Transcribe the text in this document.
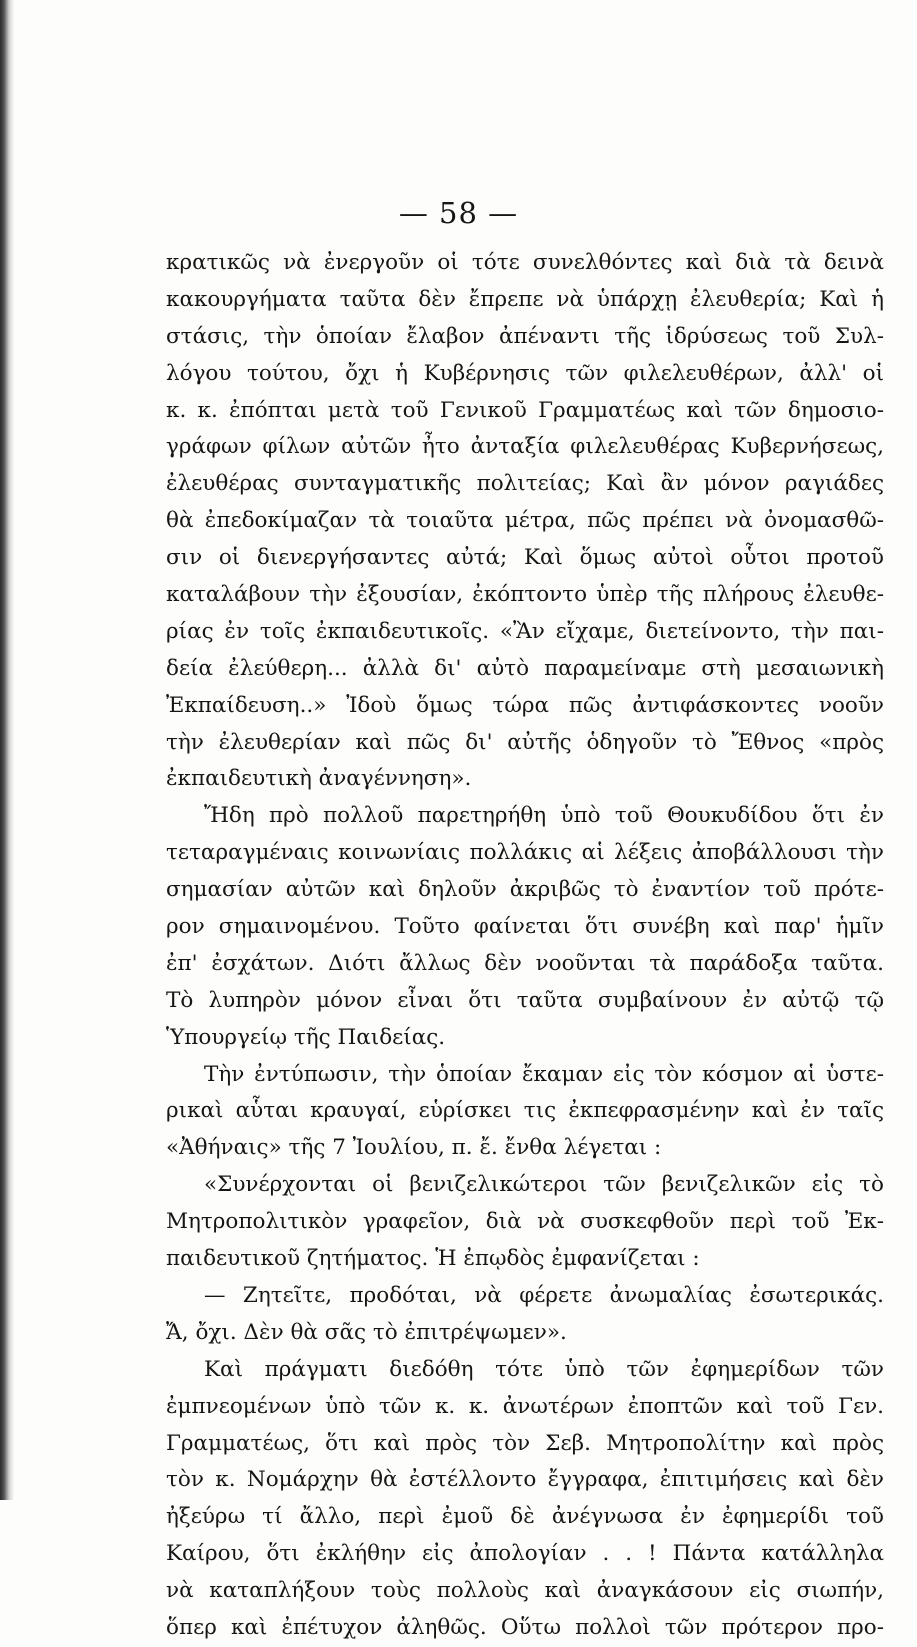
— 58 —
κρατικῶς νὰ ἐνεργοῦν οἱ τότε συνελθόντες καὶ διὰ τὰ δεινὰ
κακουργήματα ταῦτα δὲν ἔπρεπε νὰ ὑπάρχῃ ἐλευθερία; Καὶ ἡ
στάσις, τὴν ὁποίαν ἔλαβον ἀπέναντι τῆς ἱδρύσεως τοῦ Συλ-
λόγου τούτου, ὄχι ἡ Κυβέρνησις τῶν φιλελευθέρων, ἀλλ' οἱ
κ. κ. ἐπόπται μετὰ τοῦ Γενικοῦ Γραμματέως καὶ τῶν δημοσιο-
γράφων φίλων αὐτῶν ἦτο ἀνταξία φιλελευθέρας Κυβερνήσεως,
ἐλευθέρας συνταγματικῆς πολιτείας; Καὶ ἂν μόνον ραγιάδες
θὰ ἐπεδοκίμαζαν τὰ τοιαῦτα μέτρα, πῶς πρέπει νὰ ὀνομασθῶ-
σιν οἱ διενεργήσαντες αὐτά; Καὶ ὅμως αὐτοὶ οὗτοι προτοῦ
καταλάβουν τὴν ἐξουσίαν, ἐκόπτοντο ὑπὲρ τῆς πλήρους ἐλευθε-
ρίας ἐν τοῖς ἐκπαιδευτικοῖς. «Ἂν εἴχαμε, διετείνοντο, τὴν παι-
δεία ἐλεύθερη... ἀλλὰ δι' αὐτὸ παραμείναμε στὴ μεσαιωνικὴ
Ἐκπαίδευση..» Ἰδοὺ ὅμως τώρα πῶς ἀντιφάσκοντες νοοῦν
τὴν ἐλευθερίαν καὶ πῶς δι' αὐτῆς ὁδηγοῦν τὸ Ἔθνος «πρὸς
ἐκπαιδευτικὴ ἀναγέννηση».
Ἤδη πρὸ πολλοῦ παρετηρήθη ὑπὸ τοῦ Θουκυδίδου ὅτι ἐν
τεταραγμέναις κοινωνίαις πολλάκις αἱ λέξεις ἀποβάλλουσι τὴν
σημασίαν αὐτῶν καὶ δηλοῦν ἀκριβῶς τὸ ἐναντίον τοῦ πρότε-
ρον σημαινομένου. Τοῦτο φαίνεται ὅτι συνέβη καὶ παρ' ἡμῖν
ἐπ' ἐσχάτων. Διότι ἄλλως δὲν νοοῦνται τὰ παράδοξα ταῦτα.
Τὸ λυπηρὸν μόνον εἶναι ὅτι ταῦτα συμβαίνουν ἐν αὐτῷ τῷ
Ὑπουργείῳ τῆς Παιδείας.
Τὴν ἐντύπωσιν, τὴν ὁποίαν ἔκαμαν εἰς τὸν κόσμον αἱ ὑστε-
ρικαὶ αὗται κραυγαί, εὑρίσκει τις ἐκπεφρασμένην καὶ ἐν ταῖς
«Ἀθήναις» τῆς 7 Ἰουλίου, π. ἔ. ἔνθα λέγεται :
«Συνέρχονται οἱ βενιζελικώτεροι τῶν βενιζελικῶν εἰς τὸ
Μητροπολιτικὸν γραφεῖον, διὰ νὰ συσκεφθοῦν περὶ τοῦ Ἐκ-
παιδευτικοῦ ζητήματος. Ἡ ἐπῳδὸς ἐμφανίζεται :
— Ζητεῖτε, προδόται, νὰ φέρετε ἀνωμαλίας ἐσωτερικάς.
Ἄ, ὄχι. Δὲν θὰ σᾶς τὸ ἐπιτρέψωμεν».
Καὶ πράγματι διεδόθη τότε ὑπὸ τῶν ἐφημερίδων τῶν
ἐμπνεομένων ὑπὸ τῶν κ. κ. ἀνωτέρων ἐποπτῶν καὶ τοῦ Γεν.
Γραμματέως, ὅτι καὶ πρὸς τὸν Σεβ. Μητροπολίτην καὶ πρὸς
τὸν κ. Νομάρχην θὰ ἐστέλλοντο ἔγγραφα, ἐπιτιμήσεις καὶ δὲν
ἠξεύρω τί ἄλλο, περὶ ἐμοῦ δὲ ἀνέγνωσα ἐν ἐφημερίδι τοῦ
Καίρου, ὅτι ἐκλήθην εἰς ἀπολογίαν . . ! Πάντα κατάλληλα
νὰ καταπλήξουν τοὺς πολλοὺς καὶ ἀναγκάσουν εἰς σιωπήν,
ὅπερ καὶ ἐπέτυχον ἀληθῶς. Οὕτω πολλοὶ τῶν πρότερον προ-
